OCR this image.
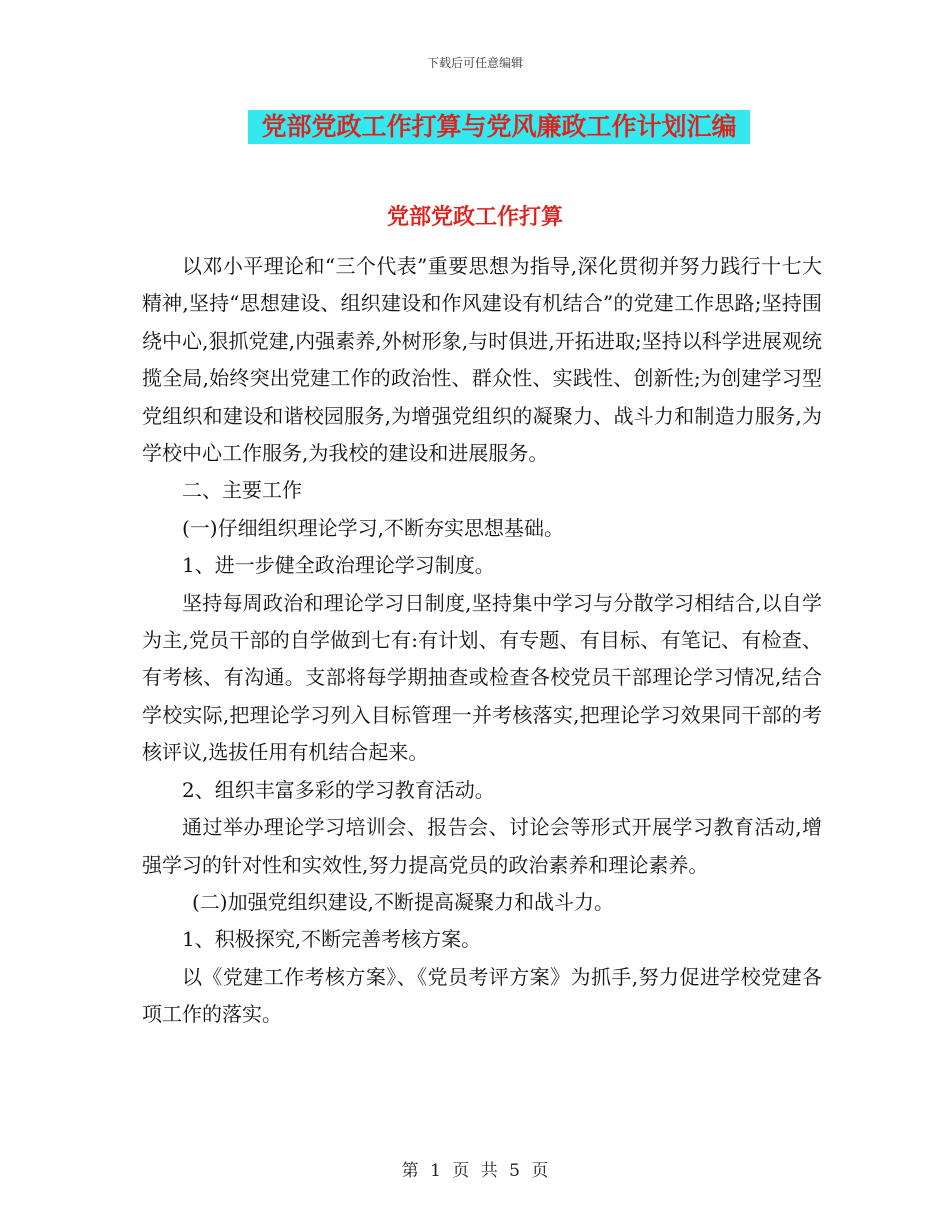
下载后可任意编辑
党部党政工作打算与党风廉政工作计划汇编
党部党政工作打算

以邓小平理论和“三个代表”重要思想为指导,深化贯彻并努力践行十七大精神,坚持“思想建设、组织建设和作风建设有机结合”的党建工作思路;坚持围绕中心,狠抓党建,内强素养,外树形象,与时俱进,开拓进取;坚持以科学进展观统揽全局,始终突出党建工作的政治性、群众性、实践性、创新性;为创建学习型党组织和建设和谐校园服务,为增强党组织的凝聚力、战斗力和制造力服务,为学校中心工作服务,为我校的建设和进展服务。

二、主要工作

(一)仔细组织理论学习,不断夯实思想基础。

1、进一步健全政治理论学习制度。

坚持每周政治和理论学习日制度,坚持集中学习与分散学习相结合,以自学为主,党员干部的自学做到七有:有计划、有专题、有目标、有笔记、有检查、有考核、有沟通。支部将每学期抽查或检查各校党员干部理论学习情况,结合学校实际,把理论学习列入目标管理一并考核落实,把理论学习效果同干部的考核评议,选拔任用有机结合起来。

2、组织丰富多彩的学习教育活动。

通过举办理论学习培训会、报告会、讨论会等形式开展学习教育活动,增强学习的针对性和实效性,努力提高党员的政治素养和理论素养。

(二)加强党组织建设,不断提高凝聚力和战斗力。

1、积极探究,不断完善考核方案。

以《党建工作考核方案》、《党员考评方案》为抓手,努力促进学校党建各项工作的落实。

第 1 页 共 5 页
